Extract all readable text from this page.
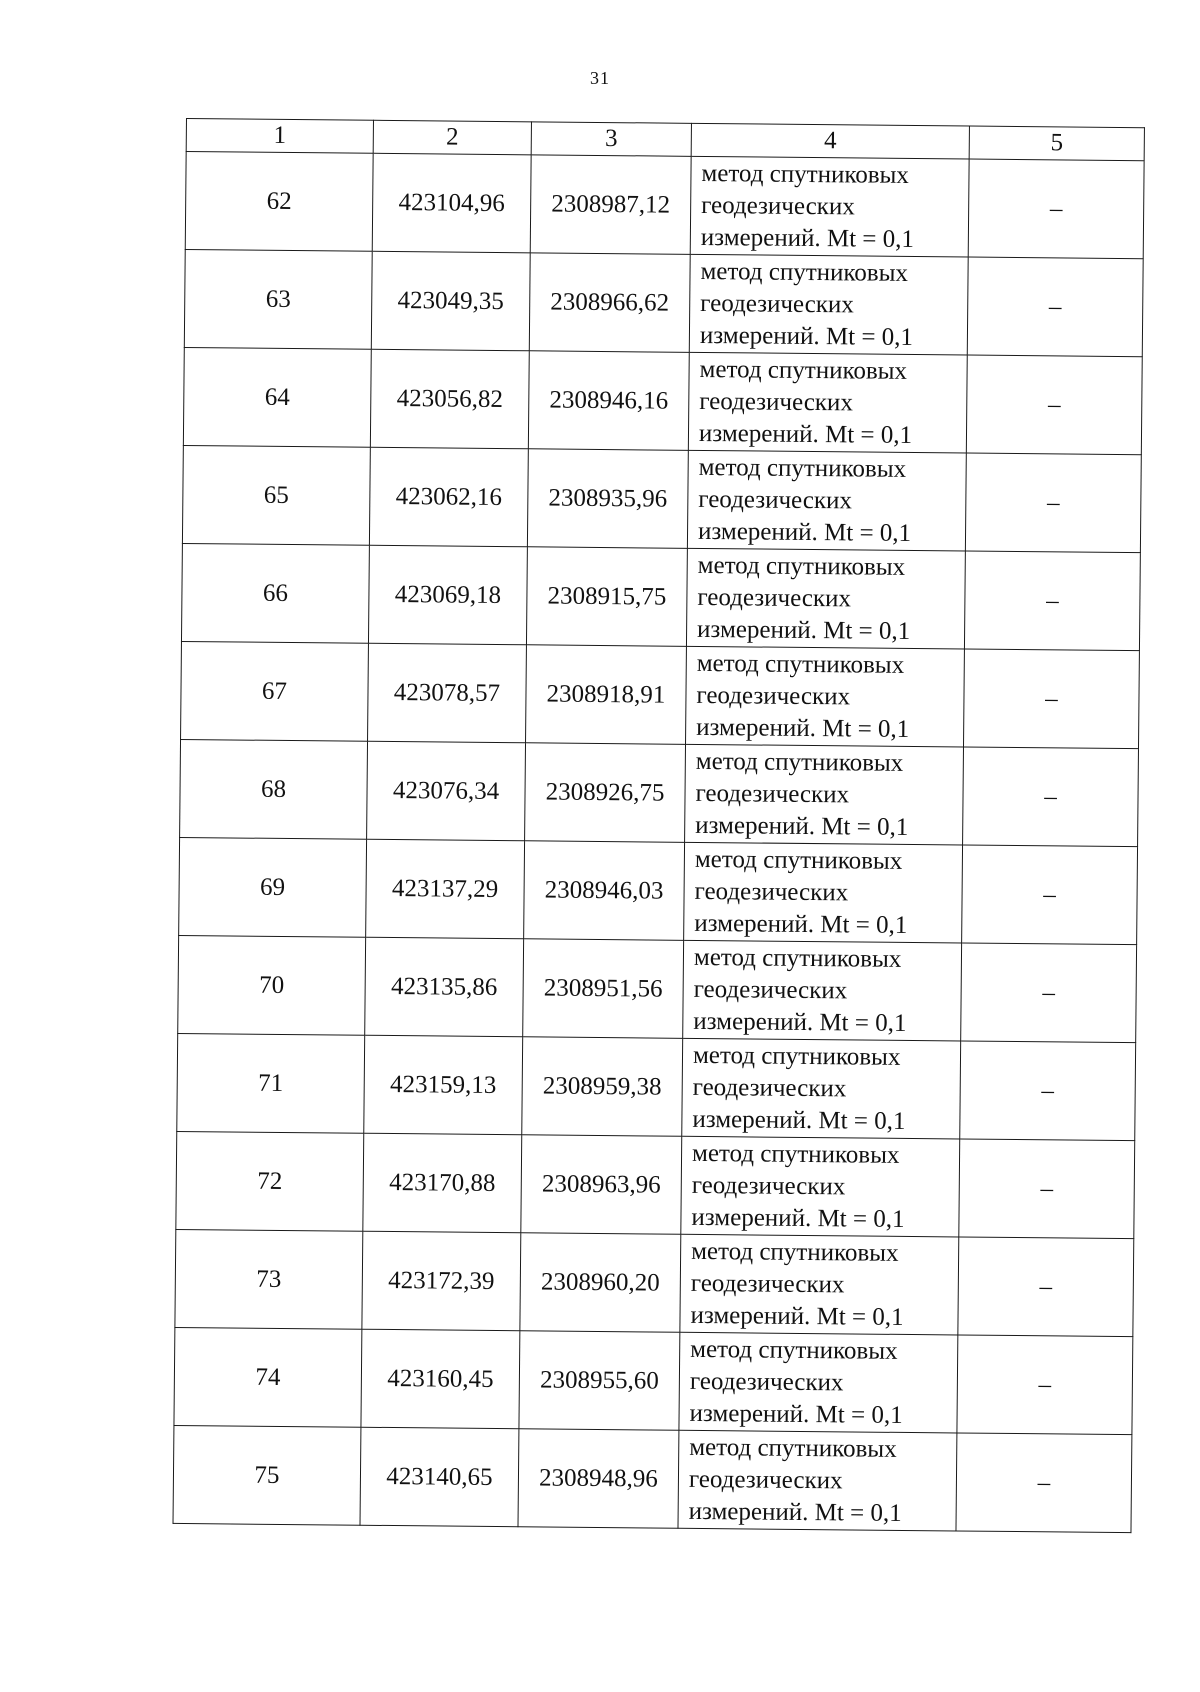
31
1	2	3	4	5
62	423104,96	2308987,12	метод спутниковых
геодезических
измерений. Mt = 0,1	–
63	423049,35	2308966,62	метод спутниковых
геодезических
измерений. Mt = 0,1	–
64	423056,82	2308946,16	метод спутниковых
геодезических
измерений. Mt = 0,1	–
65	423062,16	2308935,96	метод спутниковых
геодезических
измерений. Mt = 0,1	–
66	423069,18	2308915,75	метод спутниковых
геодезических
измерений. Mt = 0,1	–
67	423078,57	2308918,91	метод спутниковых
геодезических
измерений. Mt = 0,1	–
68	423076,34	2308926,75	метод спутниковых
геодезических
измерений. Mt = 0,1	–
69	423137,29	2308946,03	метод спутниковых
геодезических
измерений. Mt = 0,1	–
70	423135,86	2308951,56	метод спутниковых
геодезических
измерений. Mt = 0,1	–
71	423159,13	2308959,38	метод спутниковых
геодезических
измерений. Mt = 0,1	–
72	423170,88	2308963,96	метод спутниковых
геодезических
измерений. Mt = 0,1	–
73	423172,39	2308960,20	метод спутниковых
геодезических
измерений. Mt = 0,1	–
74	423160,45	2308955,60	метод спутниковых
геодезических
измерений. Mt = 0,1	–
75	423140,65	2308948,96	метод спутниковых
геодезических
измерений. Mt = 0,1	–
